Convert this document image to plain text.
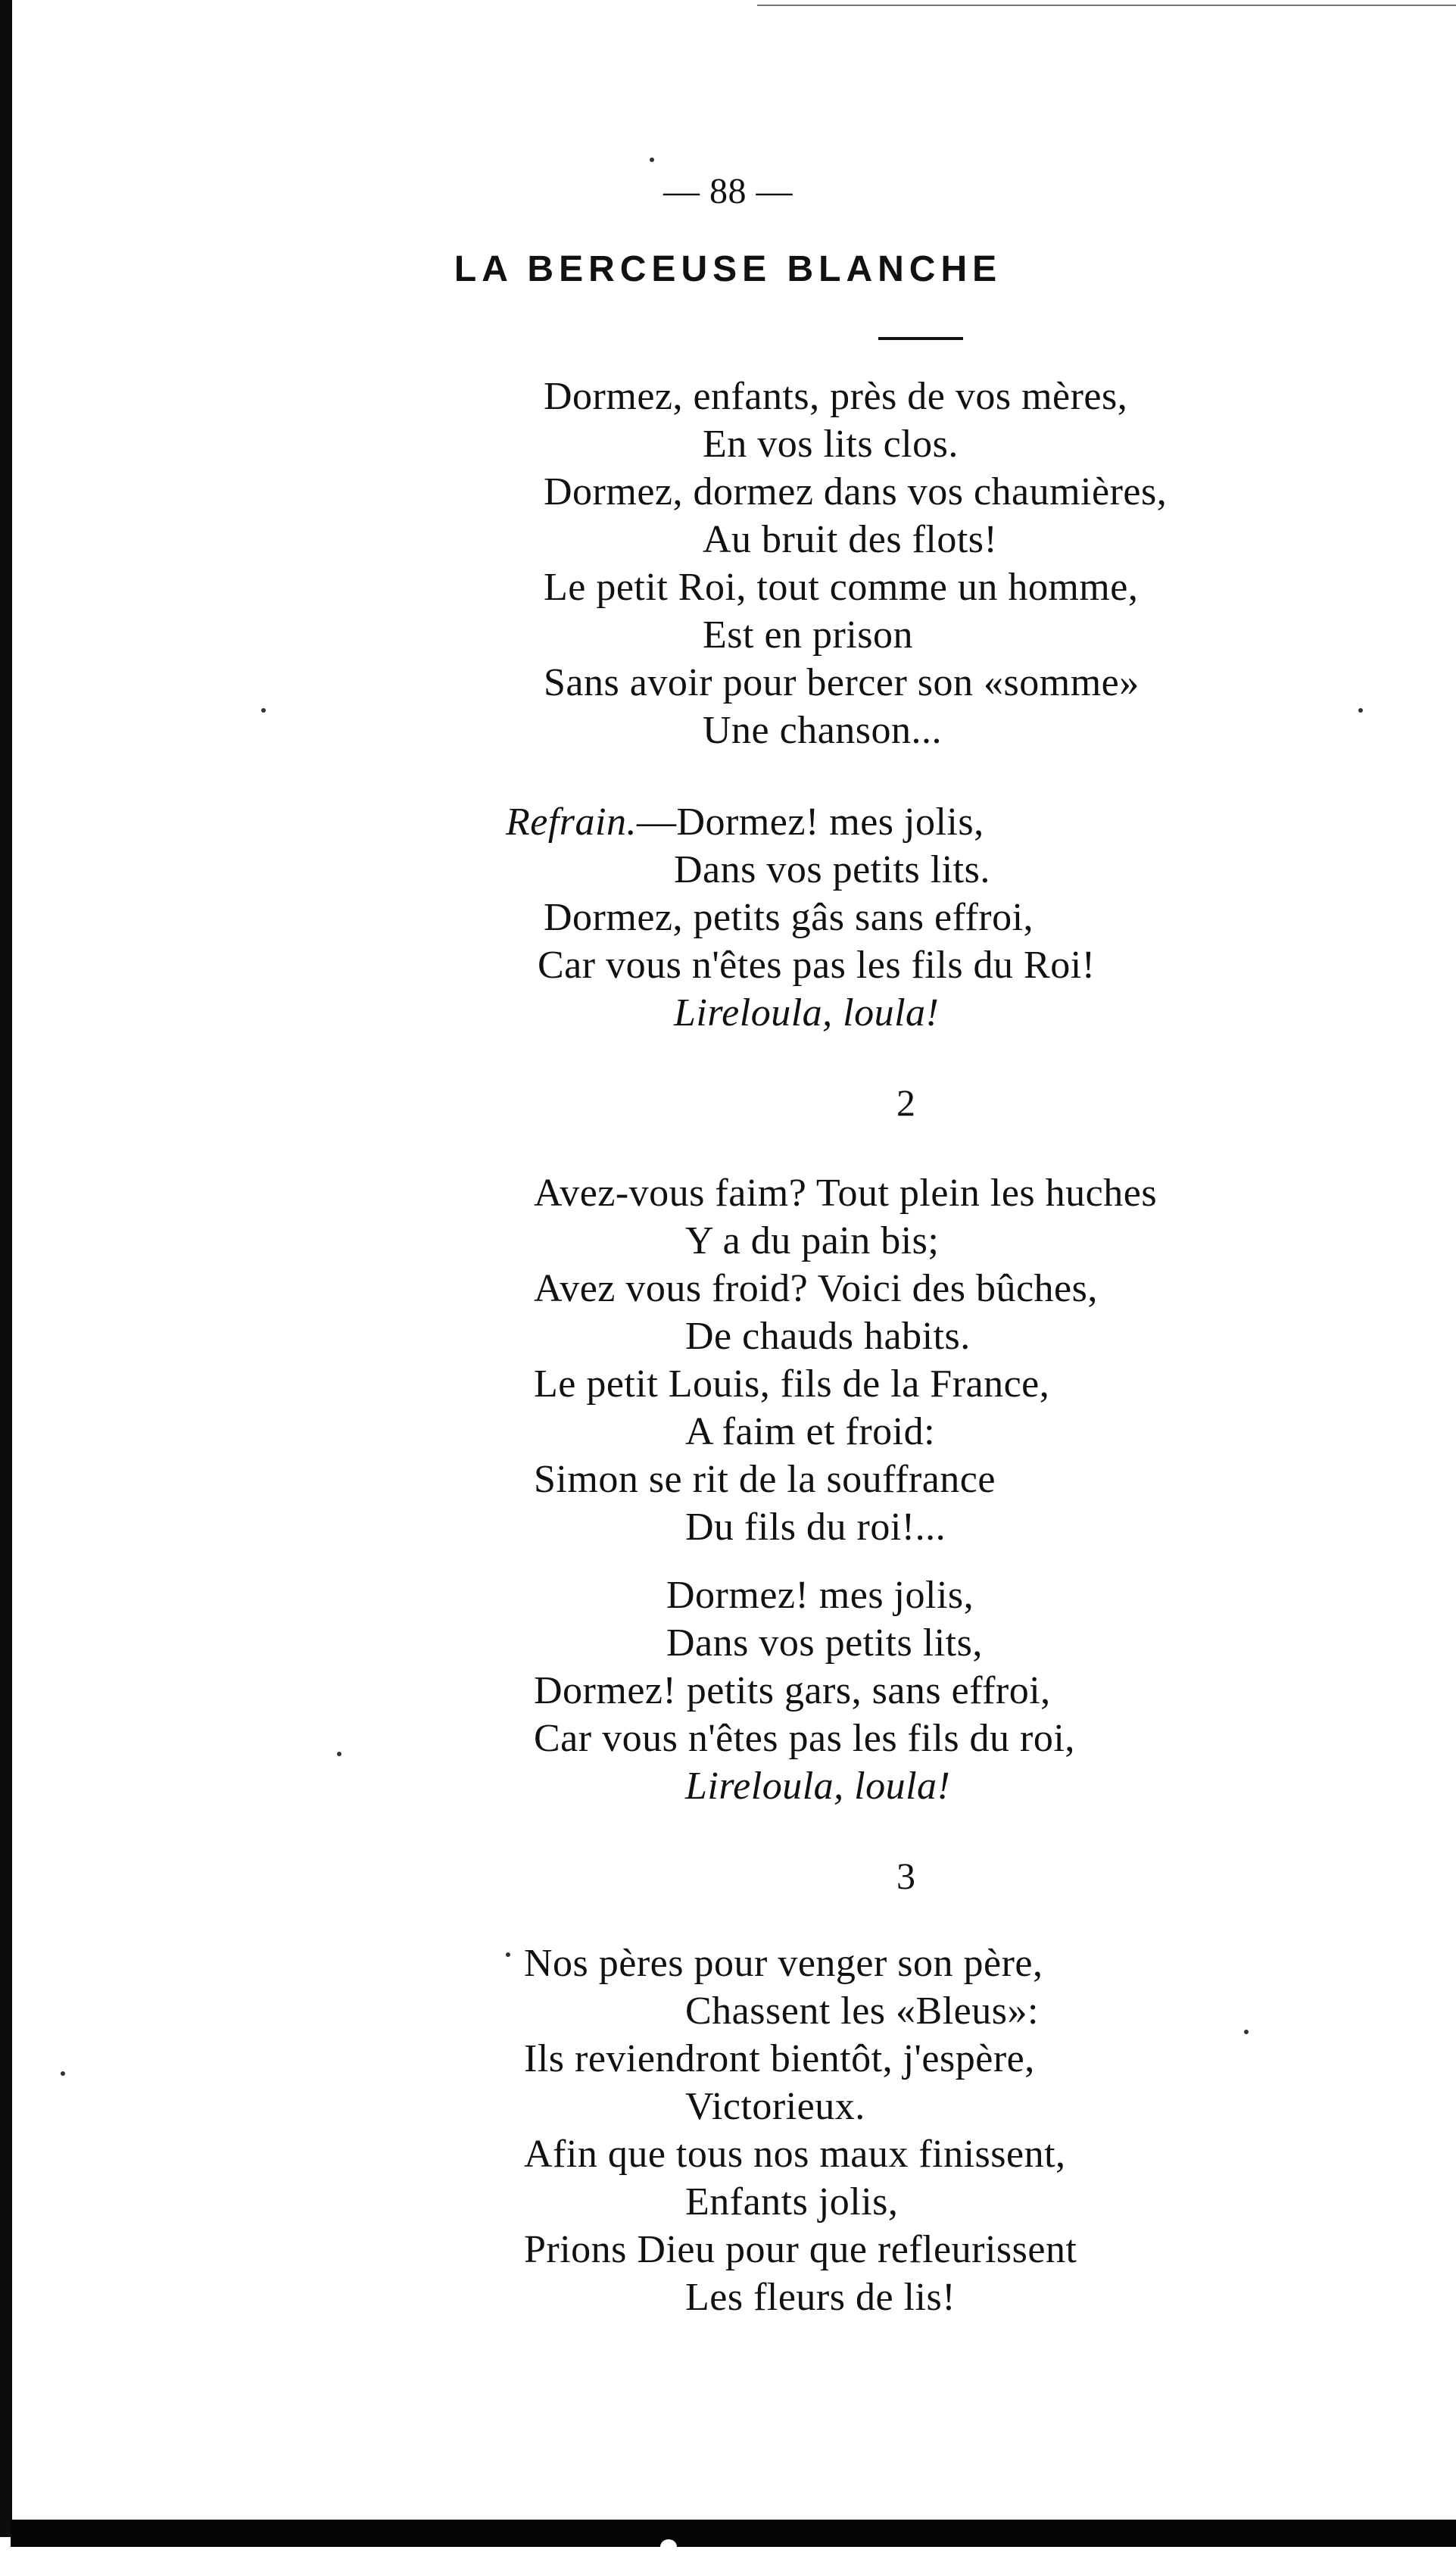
— 88 —
LA BERCEUSE BLANCHE
Dormez, enfants, près de vos mères,
En vos lits clos.
Dormez, dormez dans vos chaumières,
Au bruit des flots!
Le petit Roi, tout comme un homme,
Est en prison
Sans avoir pour bercer son «somme»
Une chanson...
Refrain.—Dormez! mes jolis,
Dans vos petits lits.
Dormez, petits gâs sans effroi,
Car vous n'êtes pas les fils du Roi!
Lireloula, loula!
2
Avez-vous faim? Tout plein les huches
Y a du pain bis;
Avez vous froid? Voici des bûches,
De chauds habits.
Le petit Louis, fils de la France,
A faim et froid:
Simon se rit de la souffrance
Du fils du roi!...
Dormez! mes jolis,
Dans vos petits lits,
Dormez! petits gars, sans effroi,
Car vous n'êtes pas les fils du roi,
Lireloula, loula!
3
Nos pères pour venger son père,
Chassent les «Bleus»:
Ils reviendront bientôt, j'espère,
Victorieux.
Afin que tous nos maux finissent,
Enfants jolis,
Prions Dieu pour que refleurissent
Les fleurs de lis!
